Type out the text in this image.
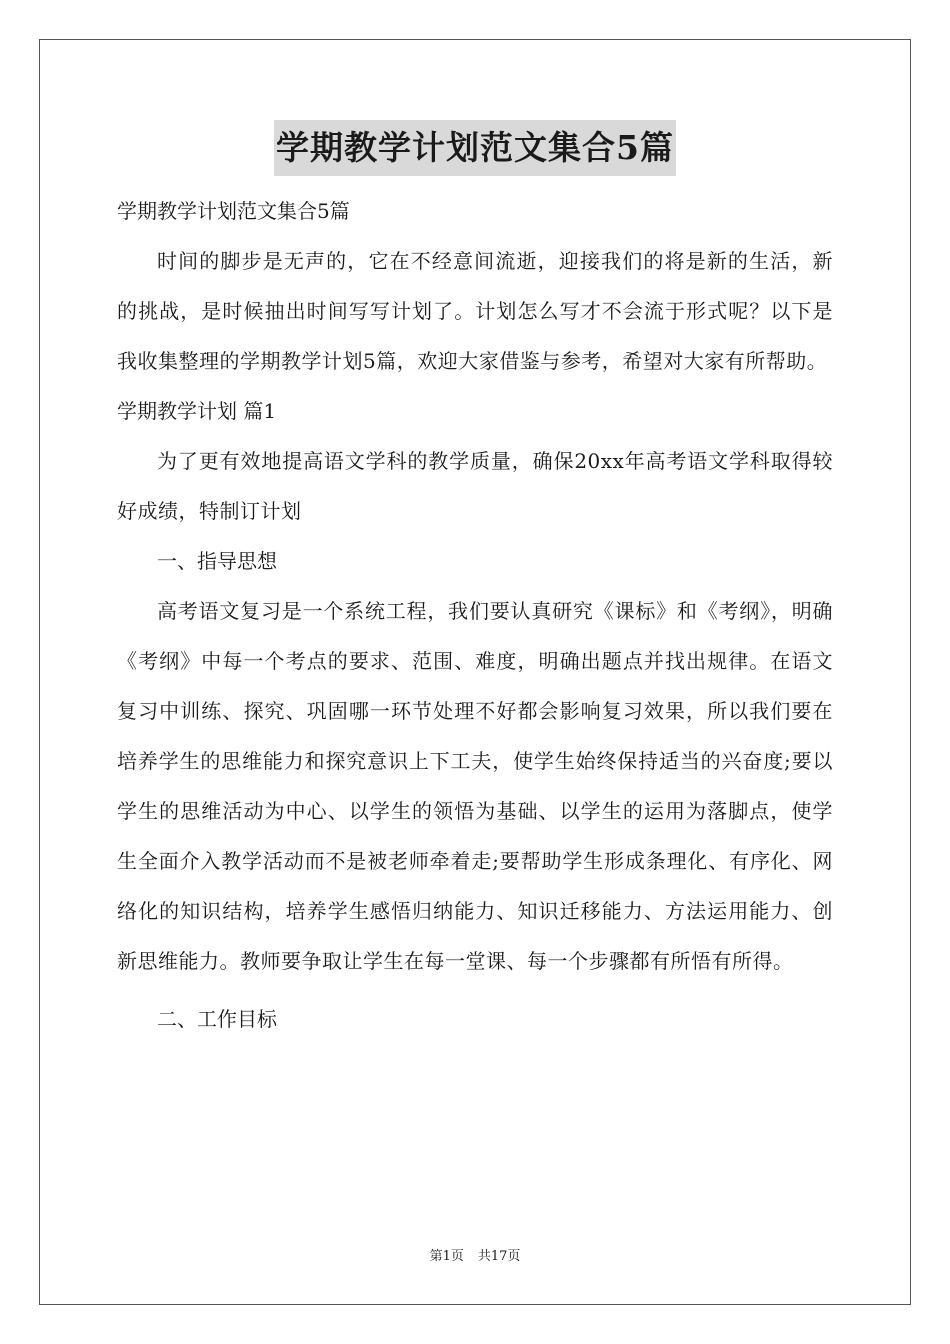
学期教学计划范文集合5篇

学期教学计划范文集合5篇

时间的脚步是无声的，它在不经意间流逝，迎接我们的将是新的生活，新的挑战，是时候抽出时间写写计划了。计划怎么写才不会流于形式呢？以下是我收集整理的学期教学计划5篇，欢迎大家借鉴与参考，希望对大家有所帮助。

学期教学计划 篇1

为了更有效地提高语文学科的教学质量，确保20xx年高考语文学科取得较好成绩，特制订计划

一、指导思想

高考语文复习是一个系统工程，我们要认真研究《课标》和《考纲》，明确《考纲》中每一个考点的要求、范围、难度，明确出题点并找出规律。在语文复习中训练、探究、巩固哪一环节处理不好都会影响复习效果，所以我们要在培养学生的思维能力和探究意识上下工夫，使学生始终保持适当的兴奋度;要以学生的思维活动为中心、以学生的领悟为基础、以学生的运用为落脚点，使学生全面介入教学活动而不是被老师牵着走;要帮助学生形成条理化、有序化、网络化的知识结构，培养学生感悟归纳能力、知识迁移能力、方法运用能力、创新思维能力。教师要争取让学生在每一堂课、每一个步骤都有所悟有所得。

二、工作目标

第1页 共17页
